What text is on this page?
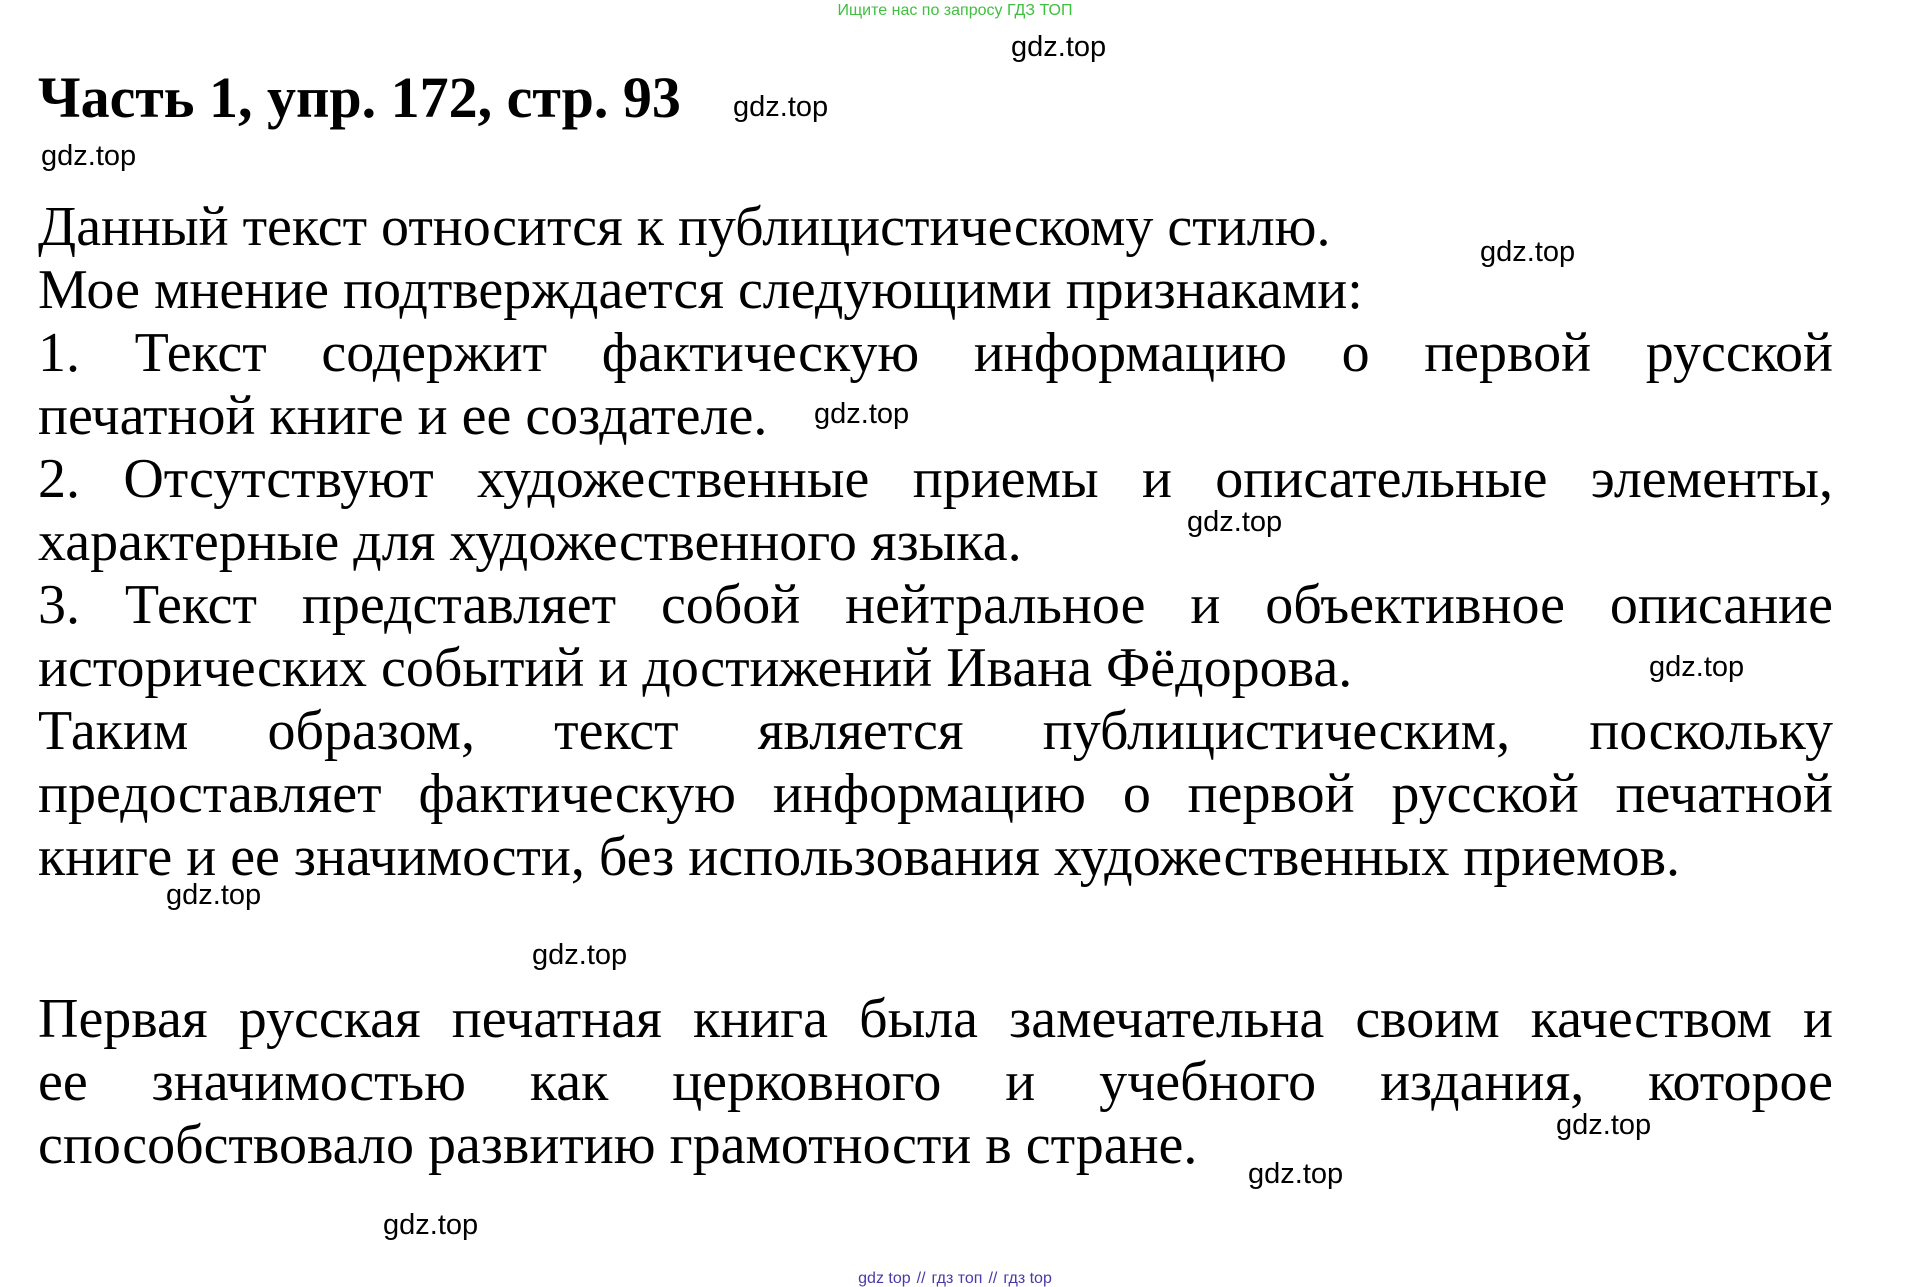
Ищите нас по запросу ГДЗ ТОП
Часть 1, упр. 172, стр. 93
gdz.top
gdz.top
gdz.top
gdz.top
gdz.top
gdz.top
gdz.top
gdz.top
gdz.top
gdz.top
gdz.top
gdz.top
Данный текст относится к публицистическому стилю.
Мое мнение подтверждается следующими признаками:
1. Текст содержит фактическую информацию о первой русской
печатной книге и ее создателе.
2. Отсутствуют художественные приемы и описательные элементы,
характерные для художественного языка.
3. Текст представляет собой нейтральное и объективное описание
исторических событий и достижений Ивана Фёдорова.
Таким образом, текст является публицистическим, поскольку
предоставляет фактическую информацию о первой русской печатной
книге и ее значимости, без использования художественных приемов.
Первая русская печатная книга была замечательна своим качеством и
ее значимостью как церковного и учебного издания, которое
способствовало развитию грамотности в стране.
gdz top // гдз топ // гдз top
